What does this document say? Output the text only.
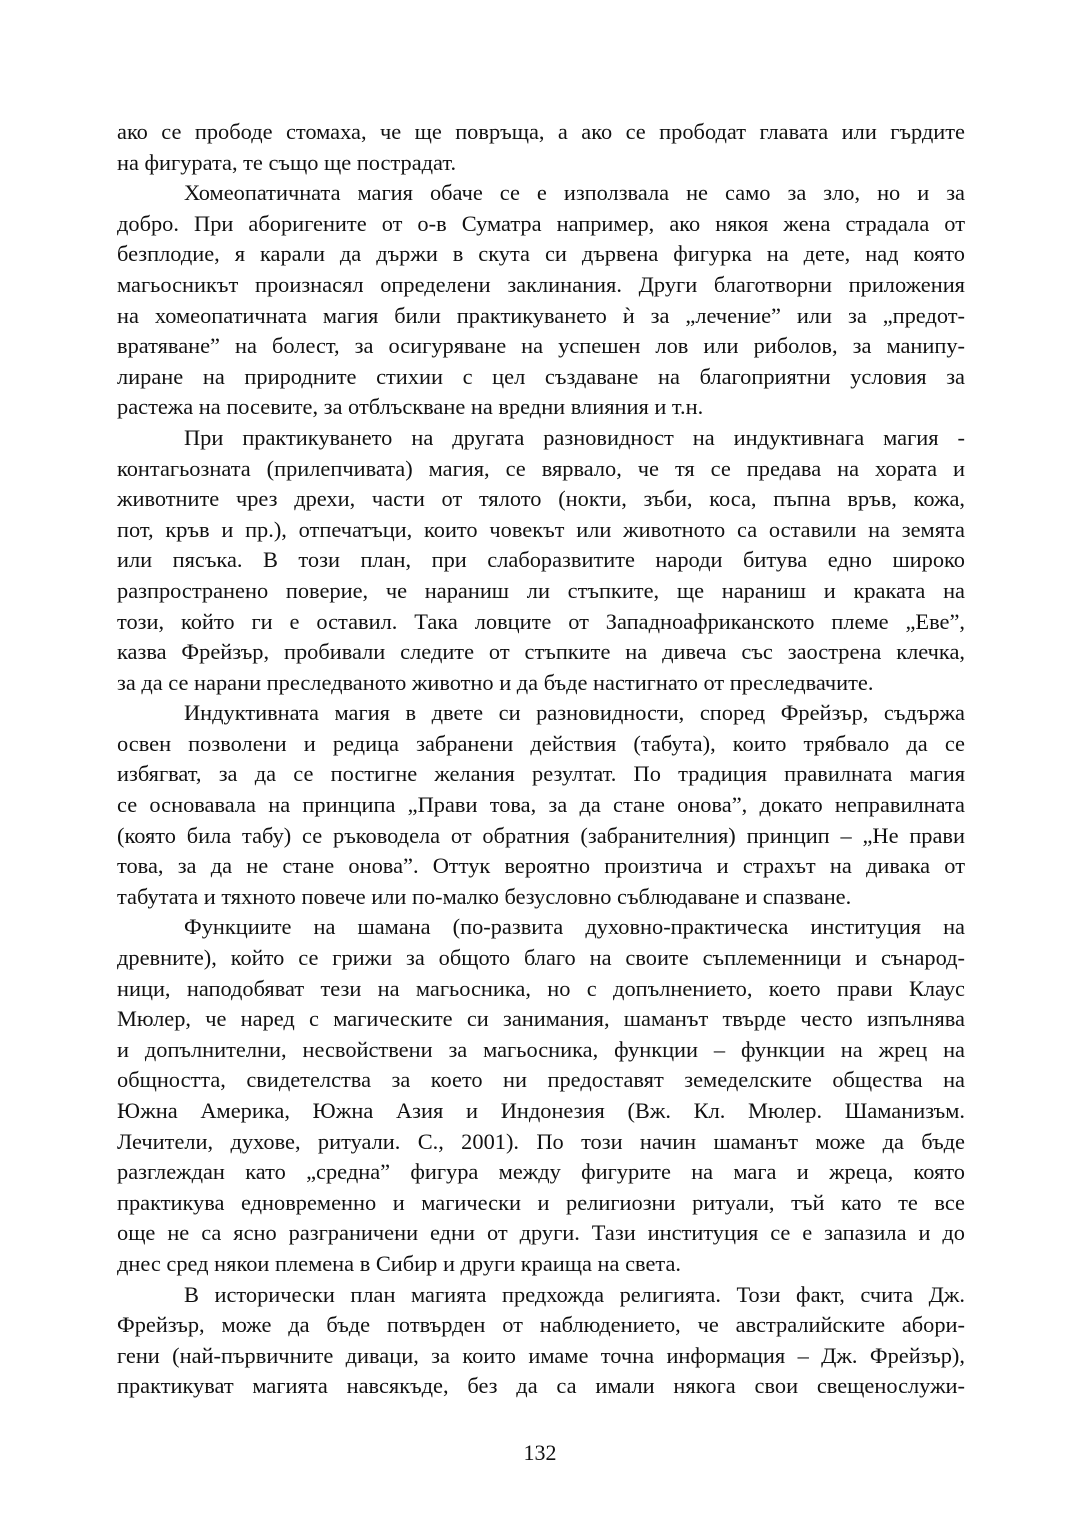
ако се прободе стомаха, че ще повръща, а ако се прободат главата или гърдите
на фигурата, те също ще пострадат.
Хомеопатичната магия обаче се е използвала не само за зло, но и за
добро. При аборигените от о-в Суматра например, ако някоя жена страдала от
безплодие, я карали да държи в скута си дървена фигурка на дете, над която
магьосникът произнасял определени заклинания. Други благотворни приложения
на хомеопатичната магия били практикуването ѝ за „лечение” или за „предот-
вратяване” на болест, за осигуряване на успешен лов или риболов, за манипу-
лиране на природните стихии с цел създаване на благоприятни условия за
растежа на посевите, за отблъскване на вредни влияния и т.н.
При практикуването на другата разновидност на индуктивнага магия -
контагьозната (прилепчивата) магия, се вярвало, че тя се предава на хората и
животните чрез дрехи, части от тялото (нокти, зъби, коса, пъпна връв, кожа,
пот, кръв и пр.), отпечатъци, които човекът или животното са оставили на земята
или пясъка. В този план, при слаборазвитите народи битува едно широко
разпространено поверие, че нараниш ли стъпките, ще нараниш и краката на
този, който ги е оставил. Така ловците от Западноафриканското племе „Еве”,
казва Фрейзър, пробивали следите от стъпките на дивеча със заострена клечка,
за да се нарани преследваното животно и да бъде настигнато от преследвачите.
Индуктивната магия в двете си разновидности, според Фрейзър, съдържа
освен позволени и редица забранени действия (табута), които трябвало да се
избягват, за да се постигне желания резултат. По традиция правилната магия
се основавала на принципа „Прави това, за да стане онова”, докато неправилната
(която била табу) се ръководела от обратния (забранителния) принцип – „Не прави
това, за да не стане онова”. Оттук вероятно произтича и страхът на дивака от
табутата и тяхното повече или по-малко безусловно съблюдаване и спазване.
Функциите на шамана (по-развита духовно-практическа институция на
древните), който се грижи за общото благо на своите съплеменници и сънарод-
ници, наподобяват тези на магьосника, но с допълнението, което прави Клаус
Мюлер, че наред с магическите си занимания, шаманът твърде често изпълнява
и допълнителни, несвойствени за магьосника, функции – функции на жрец на
общността, свидетелства за което ни предоставят земеделските общества на
Южна Америка, Южна Азия и Индонезия (Вж. Кл. Мюлер. Шаманизъм.
Лечители, духове, ритуали. С., 2001). По този начин шаманът може да бъде
разглеждан като „средна” фигура между фигурите на мага и жреца, която
практикува едновременно и магически и религиозни ритуали, тъй като те все
още не са ясно разграничени едни от други. Тази институция се е запазила и до
днес сред някои племена в Сибир и други краища на света.
В исторически план магията предхожда религията. Този факт, счита Дж.
Фрейзър, може да бъде потвърден от наблюдението, че австралийските абори-
гени (най-първичните диваци, за които имаме точна информация – Дж. Фрейзър),
практикуват магията навсякъде, без да са имали някога свои свещенослужи-
132
